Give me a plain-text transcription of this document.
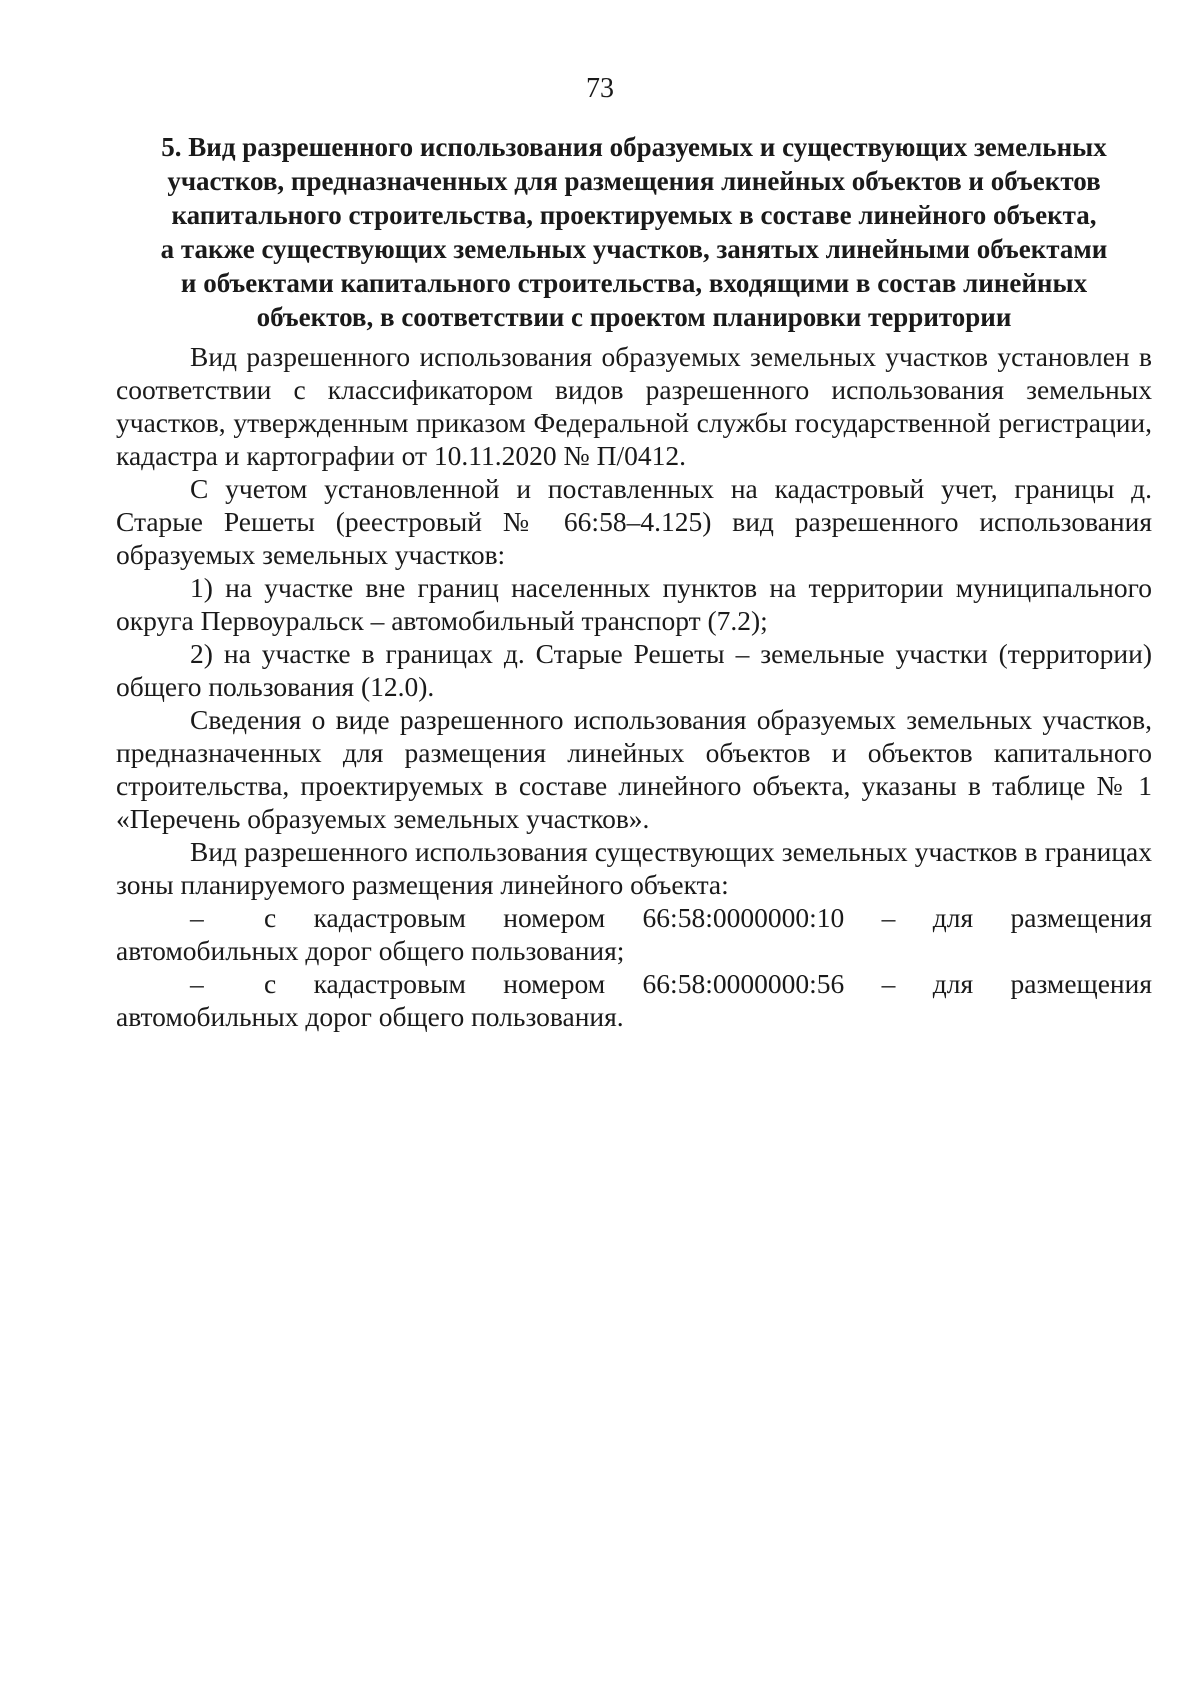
73
5. Вид разрешенного использования образуемых и существующих земельных
участков, предназначенных для размещения линейных объектов и объектов
капитального строительства, проектируемых в составе линейного объекта,
а также существующих земельных участков, занятых линейными объектами
и объектами капитального строительства, входящими в состав линейных
объектов, в соответствии с проектом планировки территории

Вид разрешенного использования образуемых земельных участков установлен в соответствии с классификатором видов разрешенного использования земельных участков, утвержденным приказом Федеральной службы государственной регистрации, кадастра и картографии от 10.11.2020 № П/0412.

С учетом установленной и поставленных на кадастровый учет, границы д. Старые Решеты (реестровый № 66:58–4.125) вид разрешенного использования образуемых земельных участков:

1) на участке вне границ населенных пунктов на территории муниципального округа Первоуральск – автомобильный транспорт (7.2);

2) на участке в границах д. Старые Решеты – земельные участки (территории) общего пользования (12.0).

Сведения о виде разрешенного использования образуемых земельных участков, предназначенных для размещения линейных объектов и объектов капитального строительства, проектируемых в составе линейного объекта, указаны в таблице № 1 «Перечень образуемых земельных участков».

Вид разрешенного использования существующих земельных участков в границах зоны планируемого размещения линейного объекта:

– с кадастровым номером 66:58:0000000:10 – для размещения автомобильных дорог общего пользования;

– с кадастровым номером 66:58:0000000:56 – для размещения автомобильных дорог общего пользования.
